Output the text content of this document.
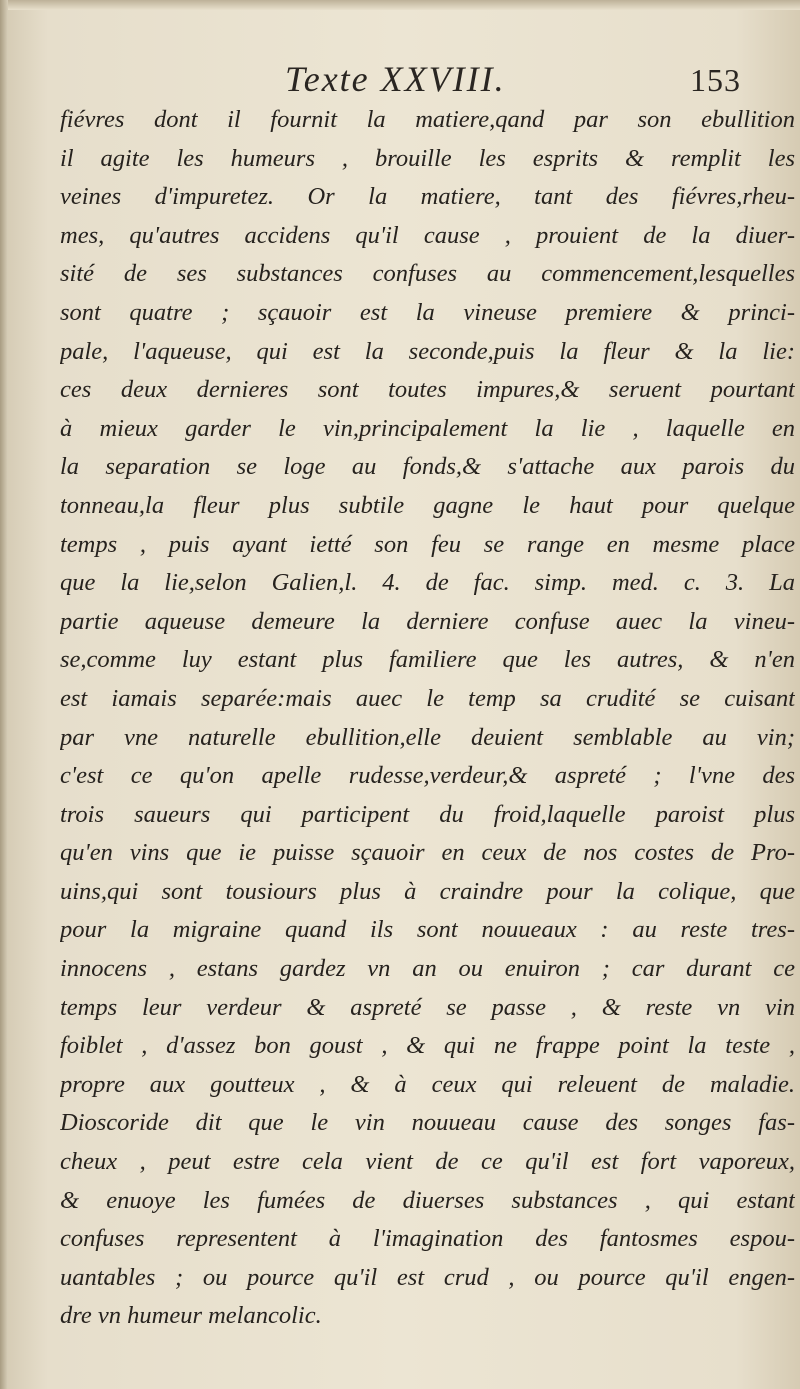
Texte XXVIII.	153
fiévres dont il fournit la matiere,qand par son ebullition
il agite les humeurs , brouille les esprits & remplit les
veines d'impuretez. Or la matiere, tant des fiévres,rheu-
mes, qu'autres accidens qu'il cause , prouient de la diuer-
sité de ses substances confuses au commencement,lesquelles
sont quatre ; sçauoir est la vineuse premiere & princi-
pale, l'aqueuse, qui est la seconde,puis la fleur & la lie:
ces deux dernieres sont toutes impures,& seruent pourtant
à mieux garder le vin,principalement la lie , laquelle en
la separation se loge au fonds,& s'attache aux parois du
tonneau,la fleur plus subtile gagne le haut pour quelque
temps , puis ayant ietté son feu se range en mesme place
que la lie,selon Galien,l. 4. de fac. simp. med. c. 3. La
partie aqueuse demeure la derniere confuse auec la vineu-
se,comme luy estant plus familiere que les autres, & n'en
est iamais separée:mais auec le temp sa crudité se cuisant
par vne naturelle ebullition,elle deuient semblable au vin;
c'est ce qu'on apelle rudesse,verdeur,& aspreté ; l'vne des
trois saueurs qui participent du froid,laquelle paroist plus
qu'en vins que ie puisse sçauoir en ceux de nos costes de Pro-
uins,qui sont tousiours plus à craindre pour la colique, que
pour la migraine quand ils sont nouueaux : au reste tres-
innocens , estans gardez vn an ou enuiron ; car durant ce
temps leur verdeur & aspreté se passe , & reste vn vin
foiblet , d'assez bon goust , & qui ne frappe point la teste ,
propre aux goutteux , & à ceux qui releuent de maladie.
Dioscoride dit que le vin nouueau cause des songes fas-
cheux , peut estre cela vient de ce qu'il est fort vaporeux,
& enuoye les fumées de diuerses substances , qui estant
confuses representent à l'imagination des fantosmes espou-
uantables ; ou pource qu'il est crud , ou pource qu'il engen-
dre vn humeur melancolic.
